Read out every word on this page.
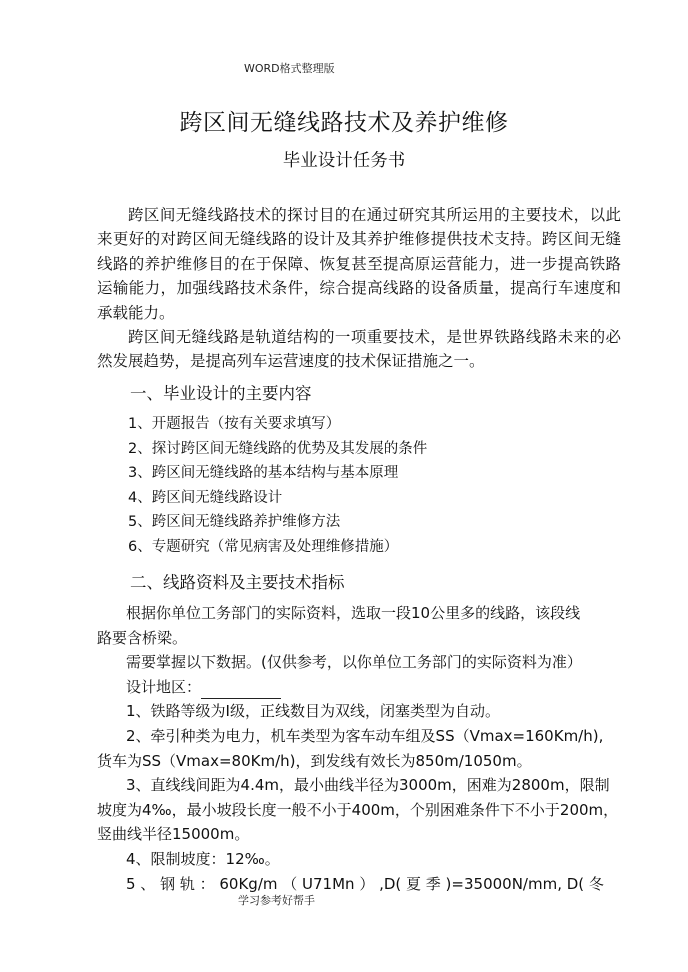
WORD格式整理版
跨区间无缝线路技术及养护维修
毕业设计任务书

跨区间无缝线路技术的探讨目的在通过研究其所运用的主要技术，以此来更好的对跨区间无缝线路的设计及其养护维修提供技术支持。跨区间无缝线路的养护维修目的在于保障、恢复甚至提高原运营能力，进一步提高铁路运输能力，加强线路技术条件，综合提高线路的设备质量，提高行车速度和承载能力。

跨区间无缝线路是轨道结构的一项重要技术，是世界铁路线路未来的必然发展趋势，是提高列车运营速度的技术保证措施之一。

一、毕业设计的主要内容
1、开题报告（按有关要求填写）
2、探讨跨区间无缝线路的优势及其发展的条件
3、跨区间无缝线路的基本结构与基本原理
4、跨区间无缝线路设计
5、跨区间无缝线路养护维修方法
6、专题研究（常见病害及处理维修措施）
二、线路资料及主要技术指标
根据你单位工务部门的实际资料，选取一段10公里多的线路，该段线
路要含桥梁。
需要掌握以下数据。(仅供参考，以你单位工务部门的实际资料为准）
设计地区：
1、铁路等级为Ⅰ级，正线数目为双线，闭塞类型为自动。
2、牵引种类为电力，机车类型为客车动车组及SS（Vmax=160Km/h),
货车为SS（Vmax=80Km/h)，到发线有效长为850m/1050m。
3、直线线间距为4.4m，最小曲线半径为3000m，困难为2800m，限制
坡度为4‰，最小坡段长度一般不小于400m，个别困难条件下不小于200m，
竖曲线半径15000m。
4、限制坡度：12‰。
5 、 钢 轨 ： 60Kg/m （ U71Mn ） ,D( 夏 季 )=35000N/mm, D( 冬
学习参考好帮手
